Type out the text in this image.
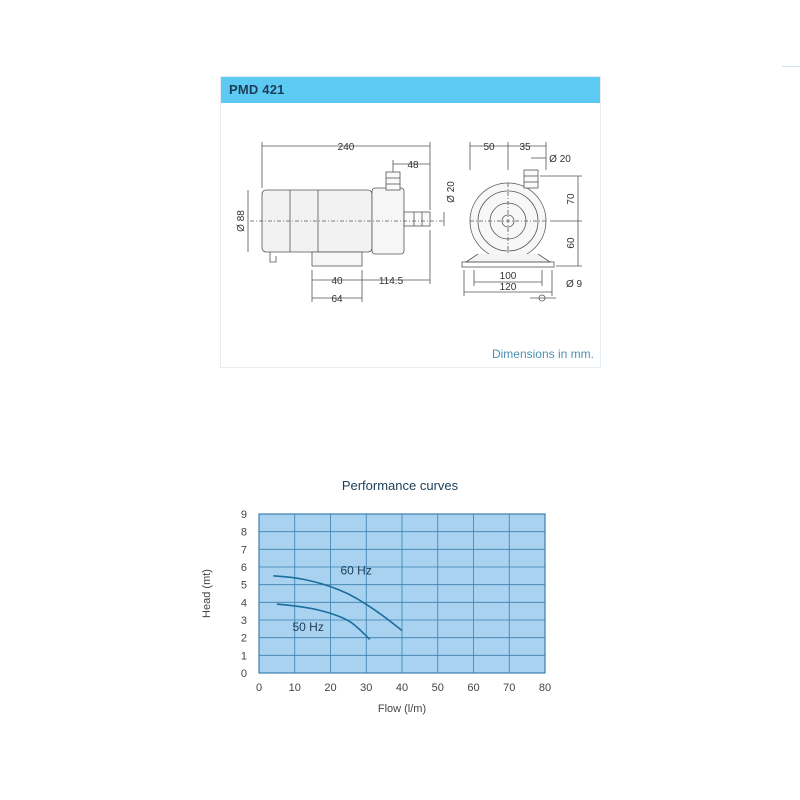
PMD 421
Dimensions in mm.
240
48
Ø 88
Ø 20
40	114.5
64
50 35
Ø 20
70
60
100
120	Ø 9
Performance curves
60 Hz
50 Hz
0 10 20 30 40 50 60 70 80
0
1
2
3
4
5
6
7
8
9
Flow (l/m)
Head (mt)
